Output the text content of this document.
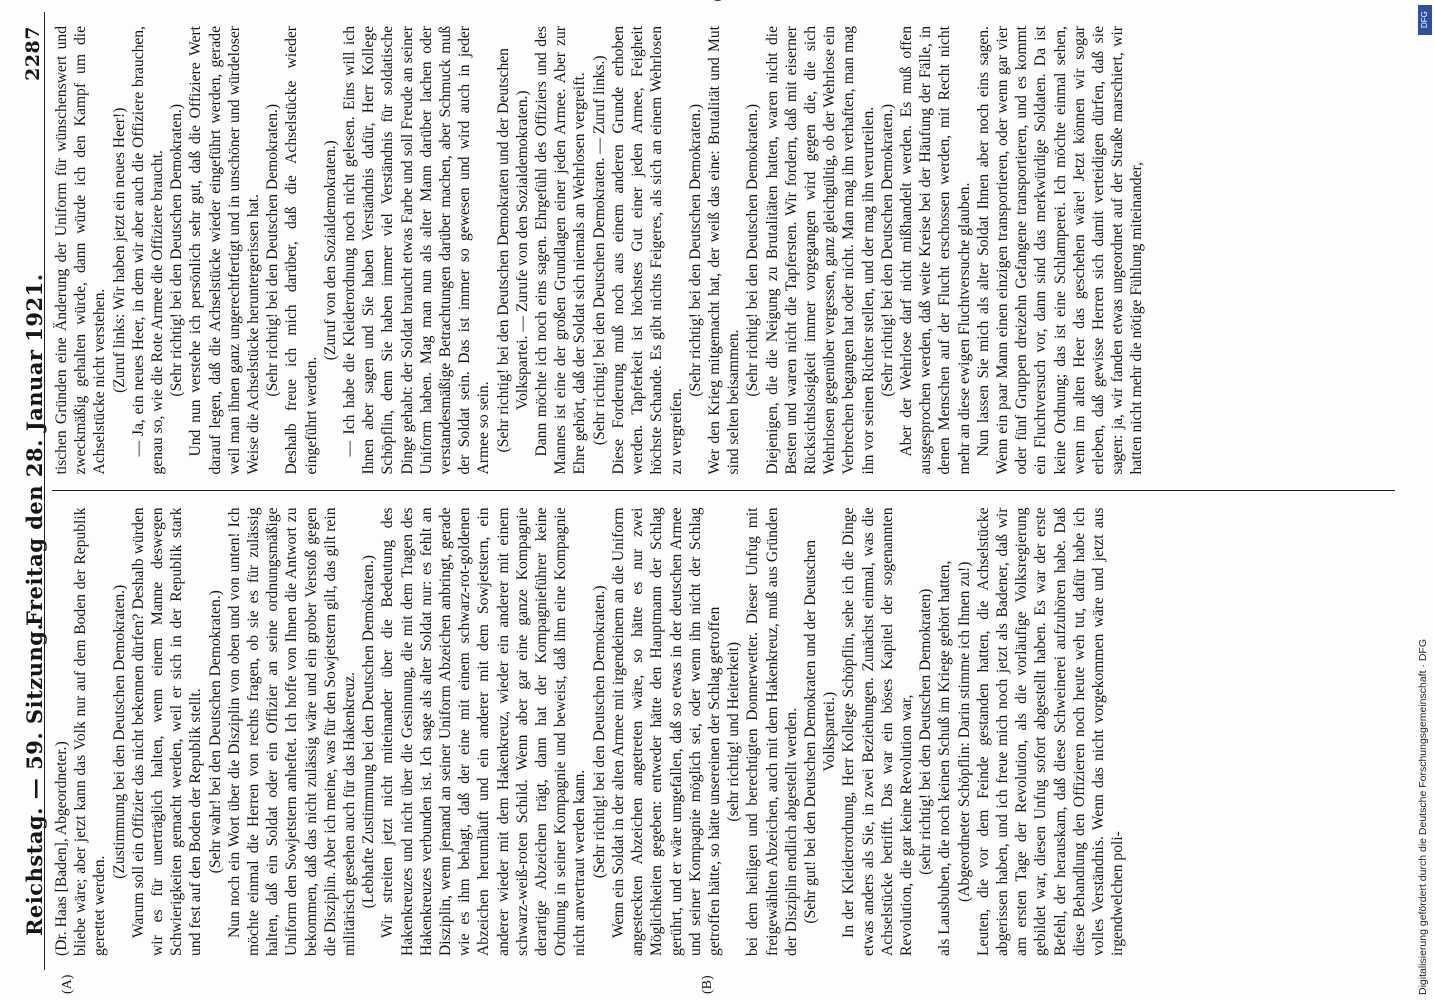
Reichstag. — 59. Sitzung.
Freitag den 28. Januar 1921.
2287
(A)	(B)

(Dr. Haas [Baden], Abgeordneter.) bliebe wäre; aber jetzt kann das Volk nur auf dem Boden der Republik gerettet werden.

(Zustimmung bei den Deutschen Demokraten.) Warum soll ein Offizier das nicht bekennen dürfen? Deshalb würden wir es für unerträglich halten, wenn einem Manne deswegen Schwierigkeiten gemacht werden, weil er sich in der Republik stark und fest auf den Boden der Republik stellt. (Sehr wahr! bei den Deutschen Demokraten.) Nun noch ein Wort über die Disziplin von oben und von unten! Ich möchte einmal die Herren von rechts fragen, ob sie es für zulässig halten, daß ein Soldat oder ein Offizier an seine ordnungsmäßige Uniform den Sowjetstern anheftet. Ich hoffe von Ihnen die Antwort zu bekommen, daß das nicht zulässig wäre und ein grober Verstoß gegen die Disziplin. Aber ich meine, was für den Sowjetstern gilt, das gilt rein militärisch gesehen auch für das Hakenkreuz. (Lebhafte Zustimmung bei den Deutschen Demokraten.) Wir streiten jetzt nicht miteinander über die Bedeutung des Hakenkreuzes und nicht über die Gesinnung, die mit dem Tragen des Hakenkreuzes verbunden ist. Ich sage als alter Soldat nur: es fehlt an Disziplin, wenn jemand an seiner Uniform Abzeichen anbringt, gerade wie es ihm behagt, daß der eine mit einem schwarz-rot-goldenen Abzeichen herumläuft und ein anderer mit dem Sowjetstern, ein anderer wieder mit dem Hakenkreuz, wieder ein anderer mit einem schwarz-weiß-roten Schild. Wenn aber gar eine ganze Kompagnie derartige Abzeichen trägt, dann hat der Kompagnieführer keine Ordnung in seiner Kompagnie und beweist, daß ihm eine Kompagnie nicht anvertraut werden kann. (Sehr richtig! bei den Deutschen Demokraten.) Wenn ein Soldat in der alten Armee mit irgendeinem an die Uniform angesteckten Abzeichen angetreten wäre, so hätte es nur zwei Möglichkeiten gegeben: entweder hätte den Hauptmann der Schlag gerührt, und er wäre umgefallen, daß so etwas in der deutschen Armee und seiner Kompagnie möglich sei, oder wenn ihn nicht der Schlag getroffen hätte, so hätte unsereinen der Schlag getroffen (sehr richtig! und Heiterkeit) bei dem heiligen und berechtigten Donnerwetter. Dieser Unfug mit freigewählten Abzeichen, auch mit dem Hakenkreuz, muß aus Gründen der Disziplin endlich abgestellt werden. (Sehr gut! bei den Deutschen Demokraten und der Deutschen Volkspartei.) In der Kleiderordnung, Herr Kollege Schöpflin, sehe ich die Dinge etwas anders als Sie, in zwei Beziehungen. Zunächst einmal, was die Achselstücke betrifft. Das war ein böses Kapitel der sogenannten Revolution, die gar keine Revolution war, (sehr richtig! bei den Deutschen Demokraten) als Lausbuben, die noch keinen Schuß im Kriege gehört hatten, (Abgeordneter Schöpflin: Darin stimme ich Ihnen zu!) Leuten, die vor dem Feinde gestanden hatten, die Achselstücke abgerissen haben, und ich freue mich noch jetzt als Badener, daß wir am ersten Tage der Revolution, als die vorläufige Volksregierung gebildet war, diesen Unfug sofort abgestellt haben. Es war der erste Befehl, der herauskam, daß diese Schweinerei aufzuhören habe. Daß diese Behandlung den Offizieren noch heute weh tut, dafür habe ich volles Verständnis. Wenn das nicht vorgekommen wäre und jetzt aus irgendwelchen poli-

tischen Gründen eine Änderung der Uniform für wünschenswert und zweckmäßig gehalten würde, dann würde ich den Kampf um die Achselstücke nicht verstehen. (Zuruf links: Wir haben jetzt ein neues Heer!) — Ja, ein neues Heer, in dem wir aber auch die Offiziere brauchen, genau so, wie die Rote Armee die Offiziere braucht. (Sehr richtig! bei den Deutschen Demokraten.) Und nun verstehe ich persönlich sehr gut, daß die Offiziere Wert darauf legen, daß die Achselstücke wieder eingeführt werden, gerade weil man ihnen ganz ungerechtfertigt und in unschöner und würdeloser Weise die Achselstücke heruntergerissen hat. (Sehr richtig! bei den Deutschen Demokraten.) Deshalb freue ich mich darüber, daß die Achselstücke wieder eingeführt werden.

(Zuruf von den Sozialdemokraten.) — Ich habe die Kleiderordnung noch nicht gelesen. Eins will ich Ihnen aber sagen und Sie haben Verständnis dafür, Herr Kollege Schöpflin, denn Sie haben immer viel Verständnis für soldatische Dinge gehabt: der Soldat braucht etwas Farbe und soll Freude an seiner Uniform haben. Mag man nun als alter Mann darüber lachen oder verstandesmäßige Betrachtungen darüber machen, aber Schmuck muß der Soldat sein. Das ist immer so gewesen und wird auch in jeder Armee so sein. (Sehr richtig! bei den Deutschen Demokraten und der Deutschen Volkspartei. — Zurufe von den Sozialdemokraten.) Dann möchte ich noch eins sagen. Ehrgefühl des Offiziers und des Mannes ist eine der großen Grundlagen einer jeden Armee. Aber zur Ehre gehört, daß der Soldat sich niemals an Wehrlosen vergreift. (Sehr richtig! bei den Deutschen Demokraten. — Zuruf links.) Diese Forderung muß noch aus einem anderen Grunde erhoben werden. Tapferkeit ist höchstes Gut einer jeden Armee, Feigheit höchste Schande. Es gibt nichts Feigeres, als sich an einem Wehrlosen zu vergreifen.

(Sehr richtig! bei den Deutschen Demokraten.) Wer den Krieg mitgemacht hat, der weiß das eine: Brutalität und Mut sind selten beisammen.

(Sehr richtig! bei den Deutschen Demokraten.) Diejenigen, die die Neigung zu Brutalitäten hatten, waren nicht die Besten und waren nicht die Tapfersten. Wir fordern, daß mit eiserner Rücksichtslosigkeit immer vorgegangen wird gegen die, die sich Wehrlosen gegenüber vergessen, ganz gleichgültig, ob der Wehrlose ein Verbrechen begangen hat oder nicht. Man mag ihn verhaften, man mag ihn vor seinen Richter stellen, und der mag ihn verurteilen. (Sehr richtig! bei den Deutschen Demokraten.) Aber der Wehrlose darf nicht mißhandelt werden. Es muß offen ausgesprochen werden, daß weite Kreise bei der Häufung der Fälle, in denen Menschen auf der Flucht erschossen werden, mit Recht nicht mehr an diese ewigen Fluchtversuche glauben. Nun lassen Sie mich als alter Soldat Ihnen aber noch eins sagen. Wenn ein paar Mann einen einzigen transportieren, oder wenn gar vier oder fünf Gruppen dreizehn Gefangene transportieren, und es kommt ein Fluchtversuch vor, dann sind das merkwürdige Soldaten. Da ist keine Ordnung; das ist eine Schlamperei. Ich möchte einmal sehen, wenn im alten Heer das geschehen wäre! Jetzt können wir sogar erleben, daß gewisse Herren sich damit verteidigen dürfen, daß sie sagen: ja, wir fanden etwas ungeordnet auf der Straße marschiert, wir hatten nicht mehr die nötige Fühlung miteinander,

Digitalisierung gefördert durch die Deutsche Forschungsgemeinschaft · DFG
DFG
